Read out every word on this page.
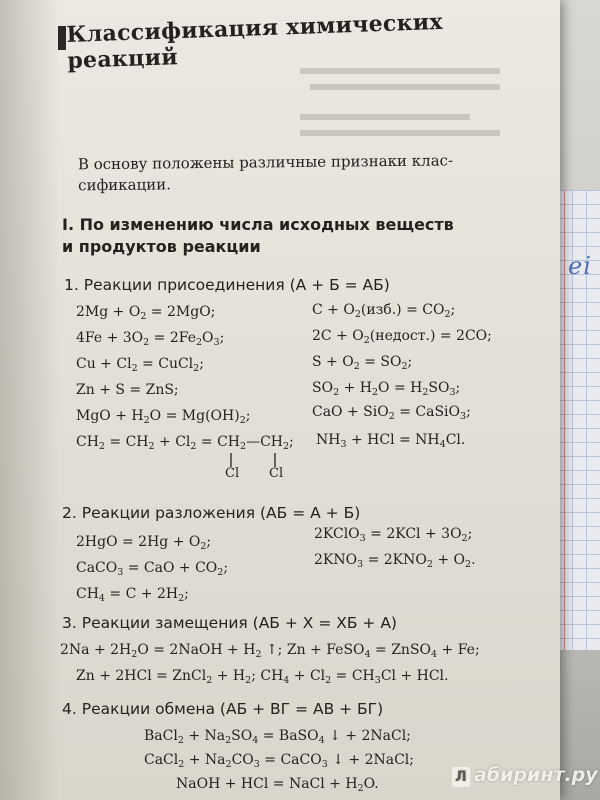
ei
Классификация химических реакций
В основу положены различные признаки клас-
сификации.
I. По изменению числа исходных веществ
и продуктов реакции
1. Реакции присоединения (А + Б = АБ)
$2Mg + O_2 = 2MgO$;
$4Fe + 3O_2 = 2Fe_2O_3$;
$Cu + Cl_2$ = CuCl$_2$;
Zn + S = ZnS;
MgO + $H_2O = Mg(OH)_2$;
$C + O_2(изб.) = CO_2$;
$2C + O_2(недост.) = 2CO$;
$S + O_2 = SO_2$;
$SO_2 + H_2O = H_2SO_3$;
CaO + SiO$_2$ = CaSiO$_3$;
$CH_2 = CH_2 + Cl_2$ = $CH_2—CH_2$;
Cl Cl
$NH_3$ + HCl = $NH_4Cl$.
2. Реакции разложения (АБ = А + Б)
$2HgO = 2Hg + O_2$;
CaCO$_3$ = CaO + $CO_2$;
$CH_4 = C + 2H_2$;
2KClO$_3$ = $2KCl + 3O_2$;
$2KNO_3 = 2KNO_2 + O_2$.
3. Реакции замещения (АБ + Х = ХБ + А)
$2Na + 2H_2O$ = 2NaOH + $H_2$ ↑; Zn + FeSO$_4$ = ZnSO$_4$ + Fe;
Zn + 2HCl = ZnCl$_2$ + $H_2$; $CH_4 + Cl_2 = CH_3Cl$ + HCl.
4. Реакции обмена (АБ + ВГ = АВ + БГ)
BaCl$_2$ + $Na_2SO_4$ = BaSO$_4$ ↓ + 2NaCl;
CaCl$_2$ + $Na_2CO_3$ = CaCO$_3$ ↓ + 2NaCl;
NaOH + HCl = NaCl + $H_2O$.	Л абиринт.ру
